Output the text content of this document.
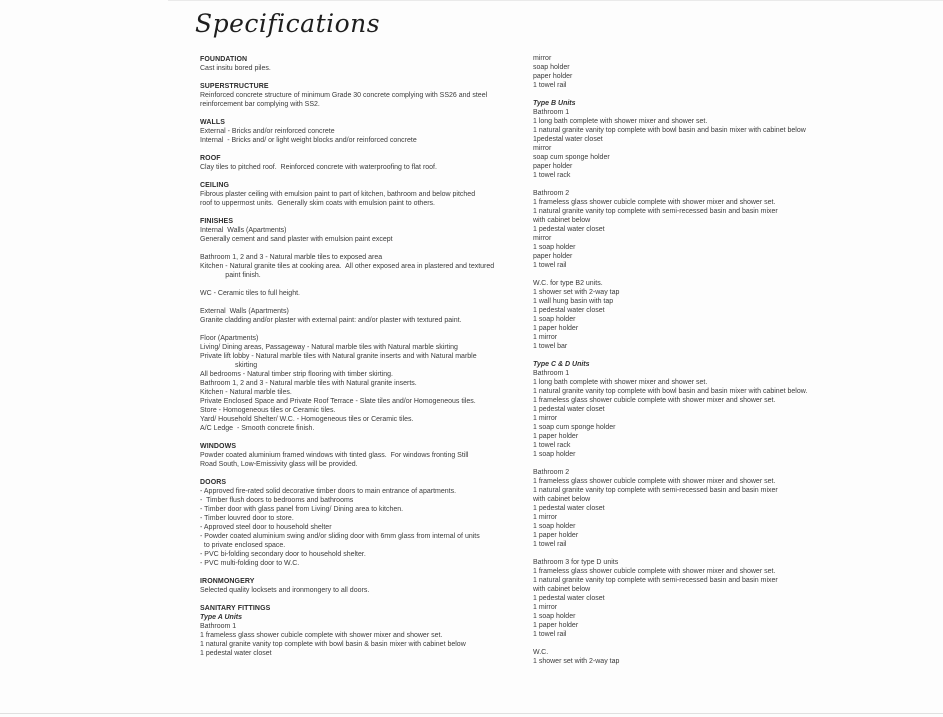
Specifications
FOUNDATION
Cast insitu bored piles.
SUPERSTRUCTURE
Reinforced concrete structure of minimum Grade 30 concrete complying with SS26 and steel
reinforcement bar complying with SS2.
WALLS
External - Bricks and/or reinforced concrete
Internal  - Bricks and/ or light weight blocks and/or reinforced concrete
ROOF
Clay tiles to pitched roof.  Reinforced concrete with waterproofing to flat roof.
CEILING
Fibrous plaster ceiling with emulsion paint to part of kitchen, bathroom and below pitched
roof to uppermost units.  Generally skim coats with emulsion paint to others.
FINISHES
Internal  Walls (Apartments)
Generally cement and sand plaster with emulsion paint except
Bathroom 1, 2 and 3 - Natural marble tiles to exposed area
Kitchen - Natural granite tiles at cooking area.  All other exposed area in plastered and textured
paint finish.
WC - Ceramic tiles to full height.
External  Walls (Apartments)
Granite cladding and/or plaster with external paint: and/or plaster with textured paint.
Floor (Apartments)
Living/ Dining areas, Passageway - Natural marble tiles with Natural marble skirting
Private lift lobby - Natural marble tiles with Natural granite inserts and with Natural marble
skirting
All bedrooms - Natural timber strip flooring with timber skirting.
Bathroom 1, 2 and 3 - Natural marble tiles with Natural granite inserts.
Kitchen - Natural marble tiles.
Private Enclosed Space and Private Roof Terrace - Slate tiles and/or Homogeneous tiles.
Store - Homogeneous tiles or Ceramic tiles.
Yard/ Household Shelter/ W.C. - Homogeneous tiles or Ceramic tiles.
A/C Ledge  - Smooth concrete finish.
WINDOWS
Powder coated aluminium framed windows with tinted glass.  For windows fronting Still
Road South, Low-Emissivity glass will be provided.
DOORS
- Approved fire-rated solid decorative timber doors to main entrance of apartments.
-  Timber flush doors to bedrooms and bathrooms
- Timber door with glass panel from Living/ Dining area to kitchen.
- Timber louvred door to store.
- Approved steel door to household shelter
- Powder coated aluminium swing and/or sliding door with 6mm glass from internal of units
to private enclosed space.
- PVC bi-folding secondary door to household shelter.
- PVC multi-folding door to W.C.
IRONMONGERY
Selected quality locksets and ironmongery to all doors.
SANITARY FITTINGS
Type A Units
Bathroom 1
1 frameless glass shower cubicle complete with shower mixer and shower set.
1 natural granite vanity top complete with bowl basin & basin mixer with cabinet below
1 pedestal water closet
mirror
soap holder
paper holder
1 towel rail
Type B Units
Bathroom 1
1 long bath complete with shower mixer and shower set.
1 natural granite vanity top complete with bowl basin and basin mixer with cabinet below
1pedestal water closet
mirror
soap cum sponge holder
paper holder
1 towel rack
Bathroom 2
1 frameless glass shower cubicle complete with shower mixer and shower set.
1 natural granite vanity top complete with semi-recessed basin and basin mixer
with cabinet below
1 pedestal water closet
mirror
1 soap holder
paper holder
1 towel rail
W.C. for type B2 units.
1 shower set with 2-way tap
1 wall hung basin with tap
1 pedestal water closet
1 soap holder
1 paper holder
1 mirror
1 towel bar
Type C & D Units
Bathroom 1
1 long bath complete with shower mixer and shower set.
1 natural granite vanity top complete with bowl basin and basin mixer with cabinet below.
1 frameless glass shower cubicle complete with shower mixer and shower set.
1 pedestal water closet
1 mirror
1 soap cum sponge holder
1 paper holder
1 towel rack
1 soap holder
Bathroom 2
1 frameless glass shower cubicle complete with shower mixer and shower set.
1 natural granite vanity top complete with semi-recessed basin and basin mixer
with cabinet below
1 pedestal water closet
1 mirror
1 soap holder
1 paper holder
1 towel rail
Bathroom 3 for type D units
1 frameless glass shower cubicle complete with shower mixer and shower set.
1 natural granite vanity top complete with semi-recessed basin and basin mixer
with cabinet below
1 pedestal water closet
1 mirror
1 soap holder
1 paper holder
1 towel rail
W.C.
1 shower set with 2-way tap
